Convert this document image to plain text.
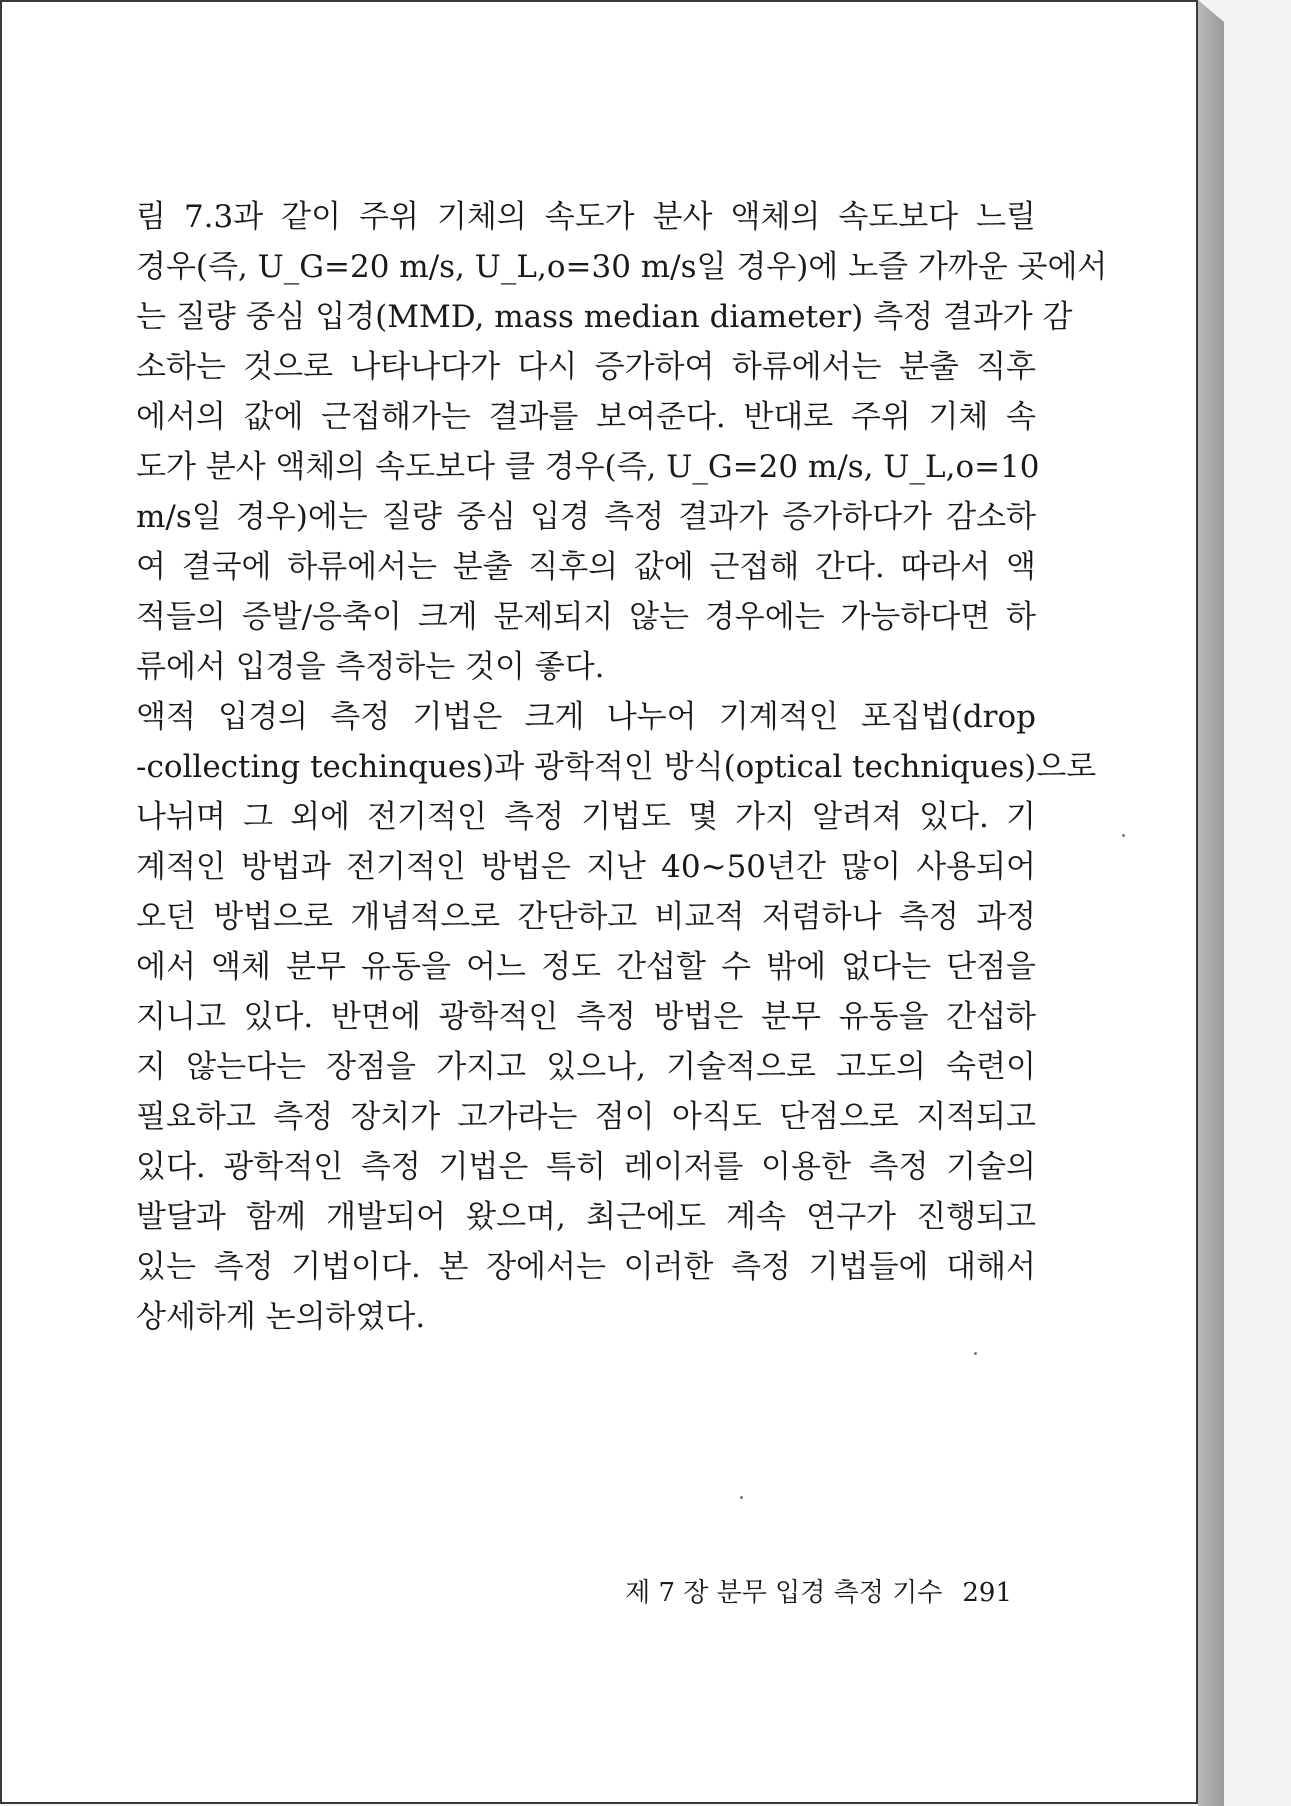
림 7.3과 같이 주위 기체의 속도가 분사 액체의 속도보다 느릴
경우(즉, U_G=20 m/s, U_L,o=30 m/s일 경우)에 노즐 가까운 곳에서
는 질량 중심 입경(MMD, mass median diameter) 측정 결과가 감
소하는 것으로 나타나다가 다시 증가하여 하류에서는 분출 직후
에서의 값에 근접해가는 결과를 보여준다. 반대로 주위 기체 속
도가 분사 액체의 속도보다 클 경우(즉, U_G=20 m/s, U_L,o=10
m/s일 경우)에는 질량 중심 입경 측정 결과가 증가하다가 감소하
여 결국에 하류에서는 분출 직후의 값에 근접해 간다. 따라서 액
적들의 증발/응축이 크게 문제되지 않는 경우에는 가능하다면 하
류에서 입경을 측정하는 것이 좋다.
액적 입경의 측정 기법은 크게 나누어 기계적인 포집법(drop
-collecting techinques)과 광학적인 방식(optical techniques)으로
나뉘며 그 외에 전기적인 측정 기법도 몇 가지 알려져 있다. 기
계적인 방법과 전기적인 방법은 지난 40~50년간 많이 사용되어
오던 방법으로 개념적으로 간단하고 비교적 저렴하나 측정 과정
에서 액체 분무 유동을 어느 정도 간섭할 수 밖에 없다는 단점을
지니고 있다. 반면에 광학적인 측정 방법은 분무 유동을 간섭하
지 않는다는 장점을 가지고 있으나, 기술적으로 고도의 숙련이
필요하고 측정 장치가 고가라는 점이 아직도 단점으로 지적되고
있다. 광학적인 측정 기법은 특히 레이저를 이용한 측정 기술의
발달과 함께 개발되어 왔으며, 최근에도 계속 연구가 진행되고
있는 측정 기법이다. 본 장에서는 이러한 측정 기법들에 대해서
상세하게 논의하였다.
제 7 장 분무 입경 측정 기수 291
